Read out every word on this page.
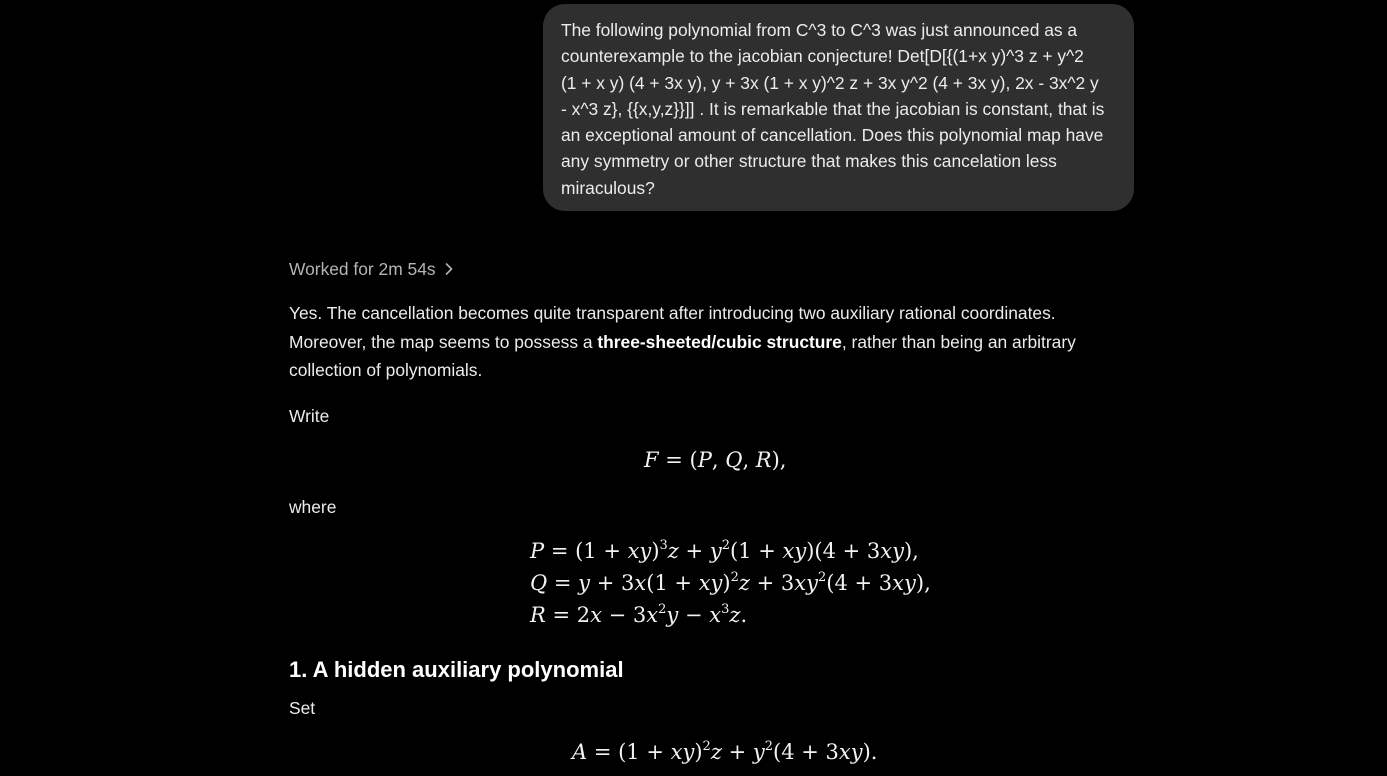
The following polynomial from C^3 to C^3 was just announced as a
counterexample to the jacobian conjecture! Det[D[{(1+x y)^3 z + y^2
(1 + x y) (4 + 3x y), y + 3x (1 + x y)^2 z + 3x y^2 (4 + 3x y), 2x - 3x^2 y
- x^3 z}, {{x,y,z}}]] . It is remarkable that the jacobian is constant, that is
an exceptional amount of cancellation. Does this polynomial map have
any symmetry or other structure that makes this cancelation less
miraculous?
Worked for 2m 54s
Yes. The cancellation becomes quite transparent after introducing two auxiliary rational coordinates.
Moreover, the map seems to possess a three-sheeted/cubic structure, rather than being an arbitrary
collection of polynomials.
Write
F = (P, Q, R),
where
$P = (1 + xy)^3z + y^2(1 + xy)(4 + 3xy)$,
$Q = y + 3x(1 + xy)^2z + 3xy^2(4 + 3xy)$,
$R = 2x - 3x^2y - x^3z$.
1. A hidden auxiliary polynomial
Set
$A = (1 + xy)^2z + y^2(4 + 3xy)$.
